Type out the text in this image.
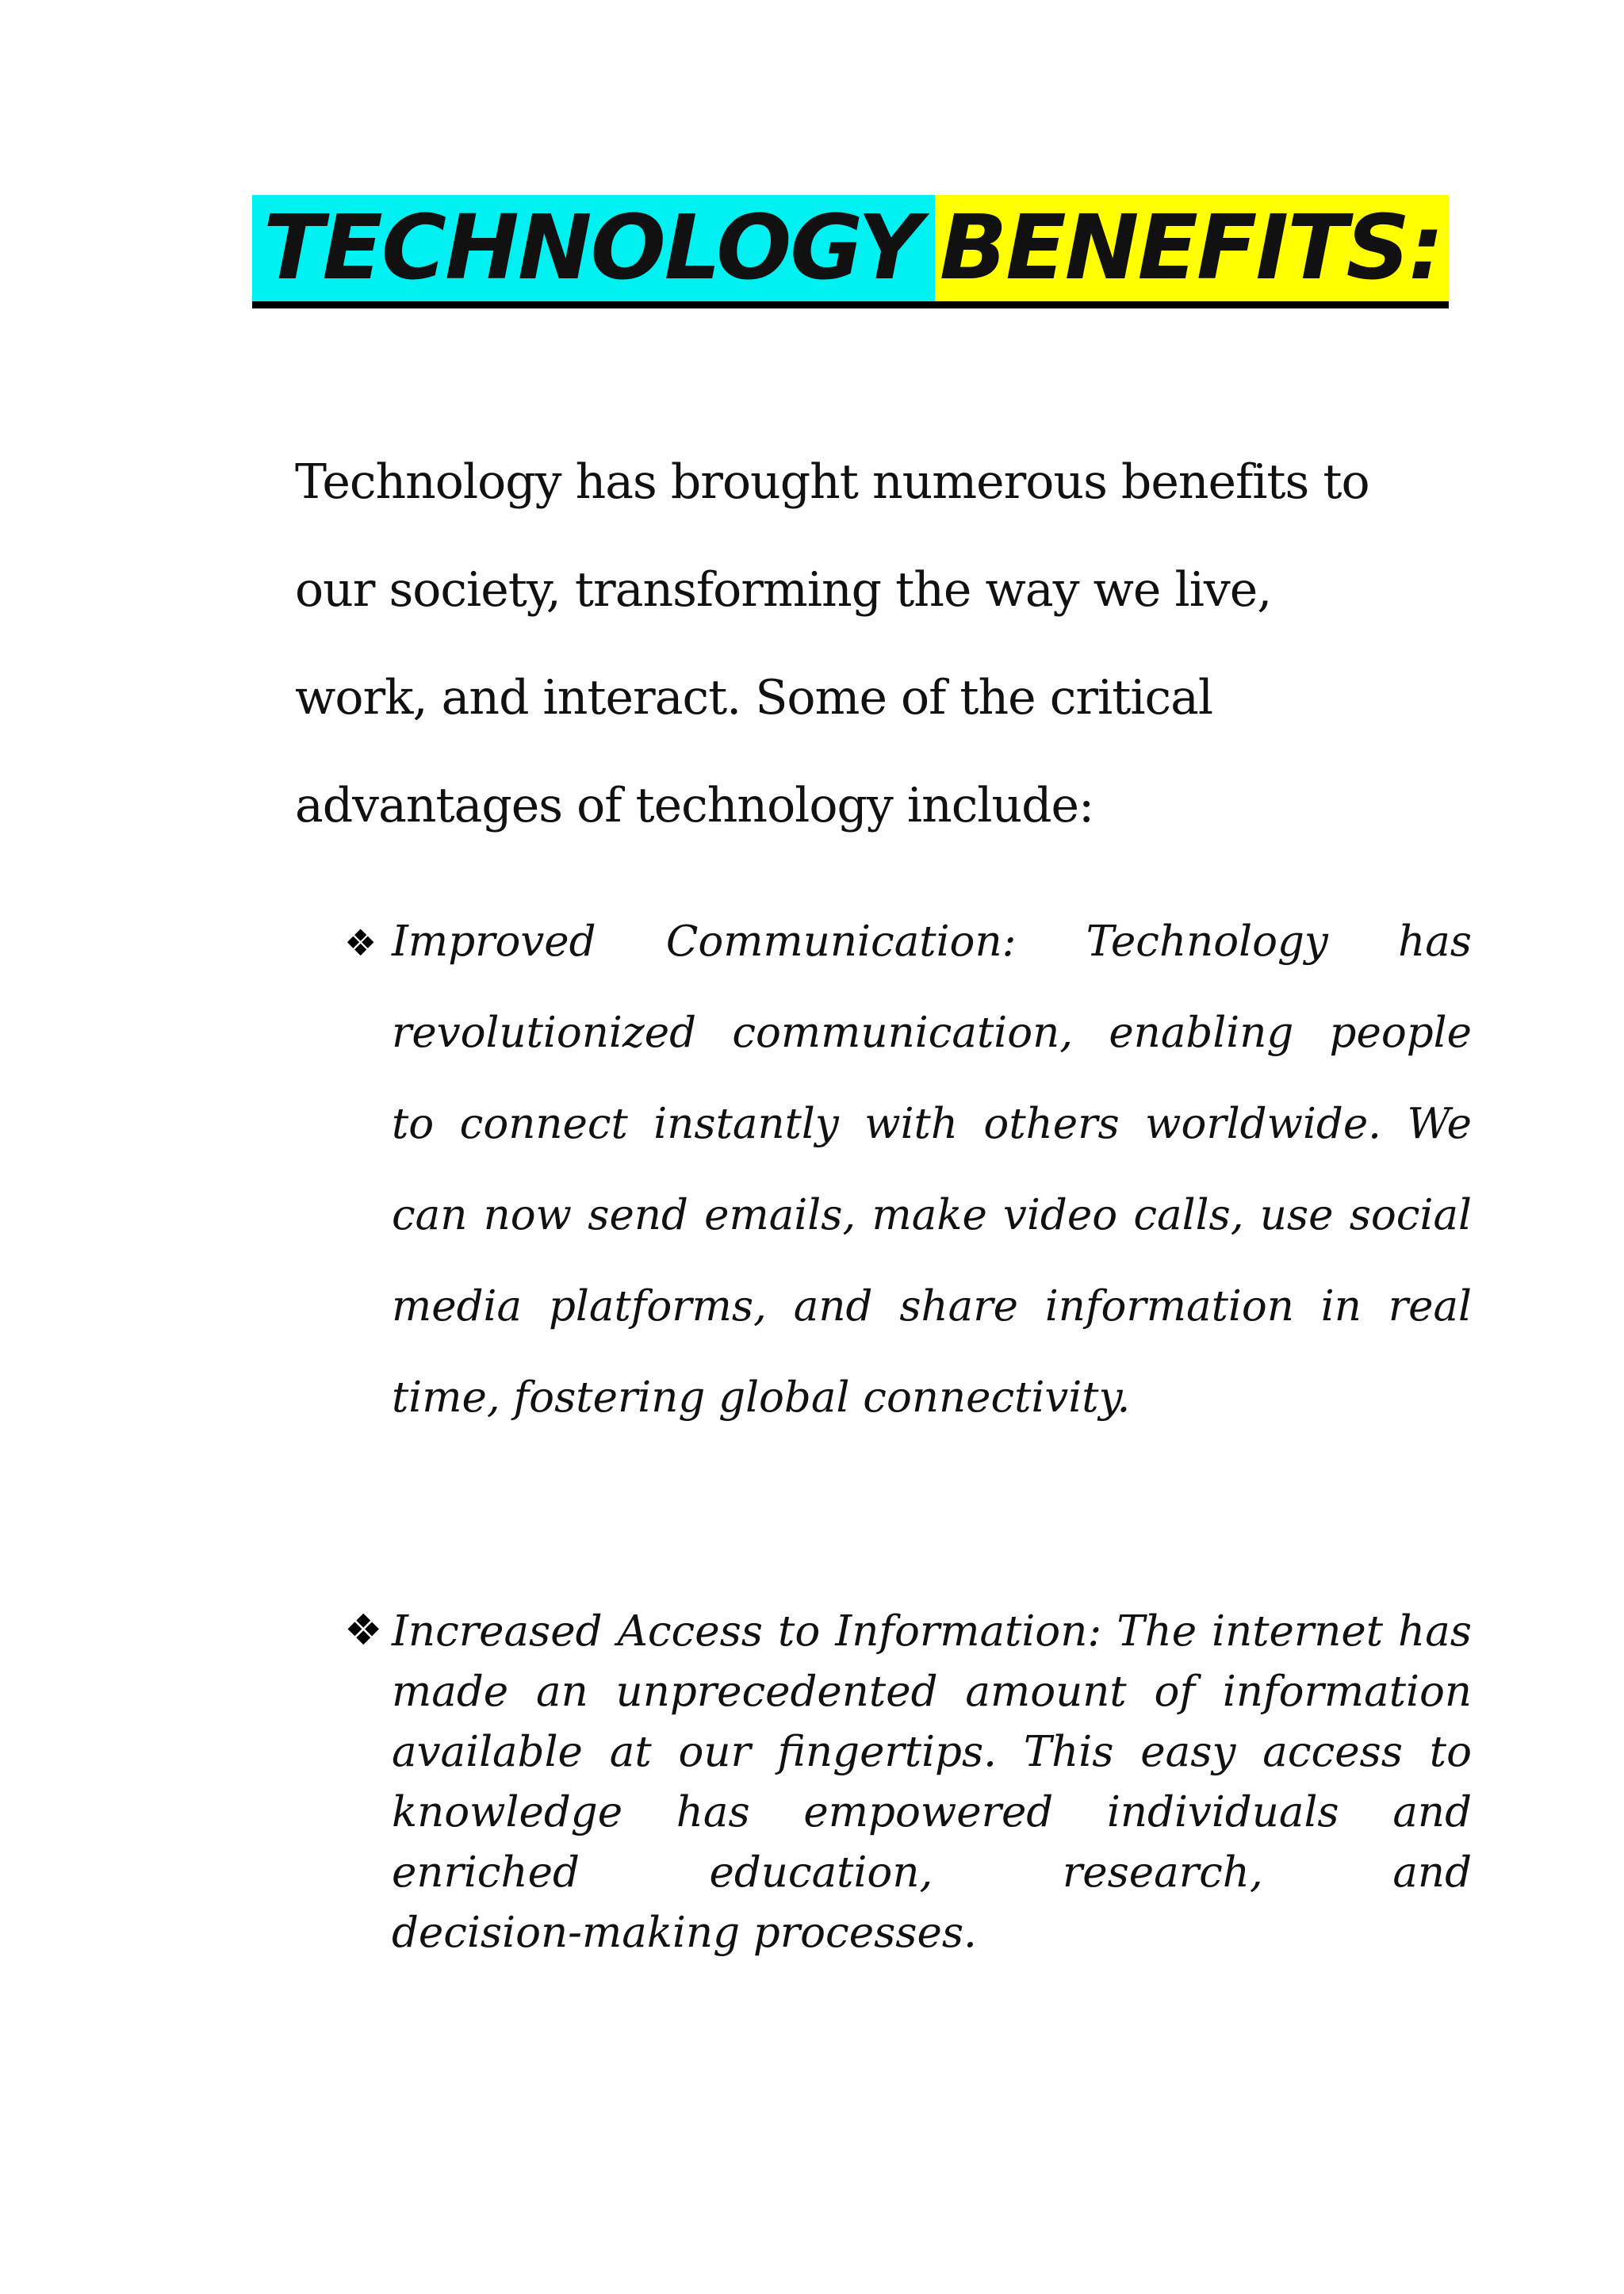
TECHNOLOGY BENEFITS:

Technology has brought numerous benefits to
our society, transforming the way we live,
work, and interact. Some of the critical
advantages of technology include:

❖ Improved Communication: Technology has
revolutionized communication, enabling people
to connect instantly with others worldwide. We
can now send emails, make video calls, use social
media platforms, and share information in real
time, fostering global connectivity.
❖ Increased Access to Information: The internet has
made an unprecedented amount of information
available at our fingertips. This easy access to
knowledge has empowered individuals and
enriched education, research, and
decision-making processes.
